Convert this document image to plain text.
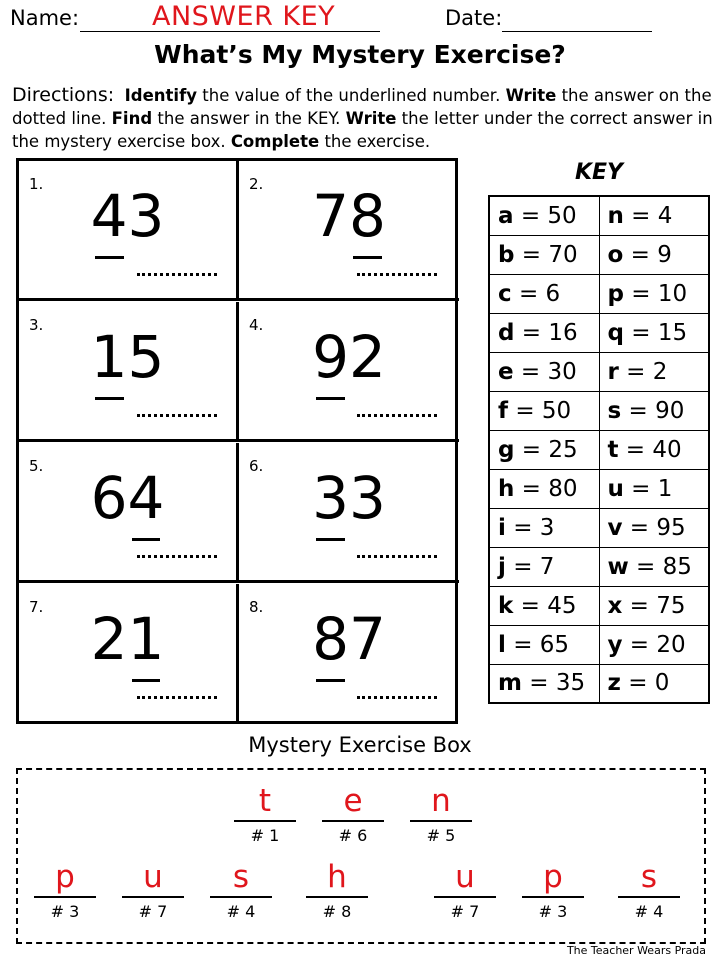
Name:	ANSWER KEY	Date:
What’s My Mystery Exercise?
Directions: Identify the value of the underlined number. Write the answer on the dotted line. Find the answer in the KEY. Write the letter under the correct answer in the mystery exercise box. Complete the exercise.
1. 43	2. 78
3. 15	4. 92
5. 64	6. 33
7. 21	8. 87
KEY
a = 50	n = 4
b = 70	o = 9
c = 6	p = 10
d = 16	q = 15
e = 30	r = 2
f = 50	s = 90
g = 25	t = 40
h = 80	u = 1
i = 3	v = 95
j = 7	w = 85
k = 45	x = 75
l = 65	y = 20
m = 35	z = 0
Mystery Exercise Box
t
# 1
e
# 6
n
# 5
p
# 3
u
# 7
s
# 4
h
# 8
u
# 7
p
# 3
s
# 4
The Teacher Wears Prada
